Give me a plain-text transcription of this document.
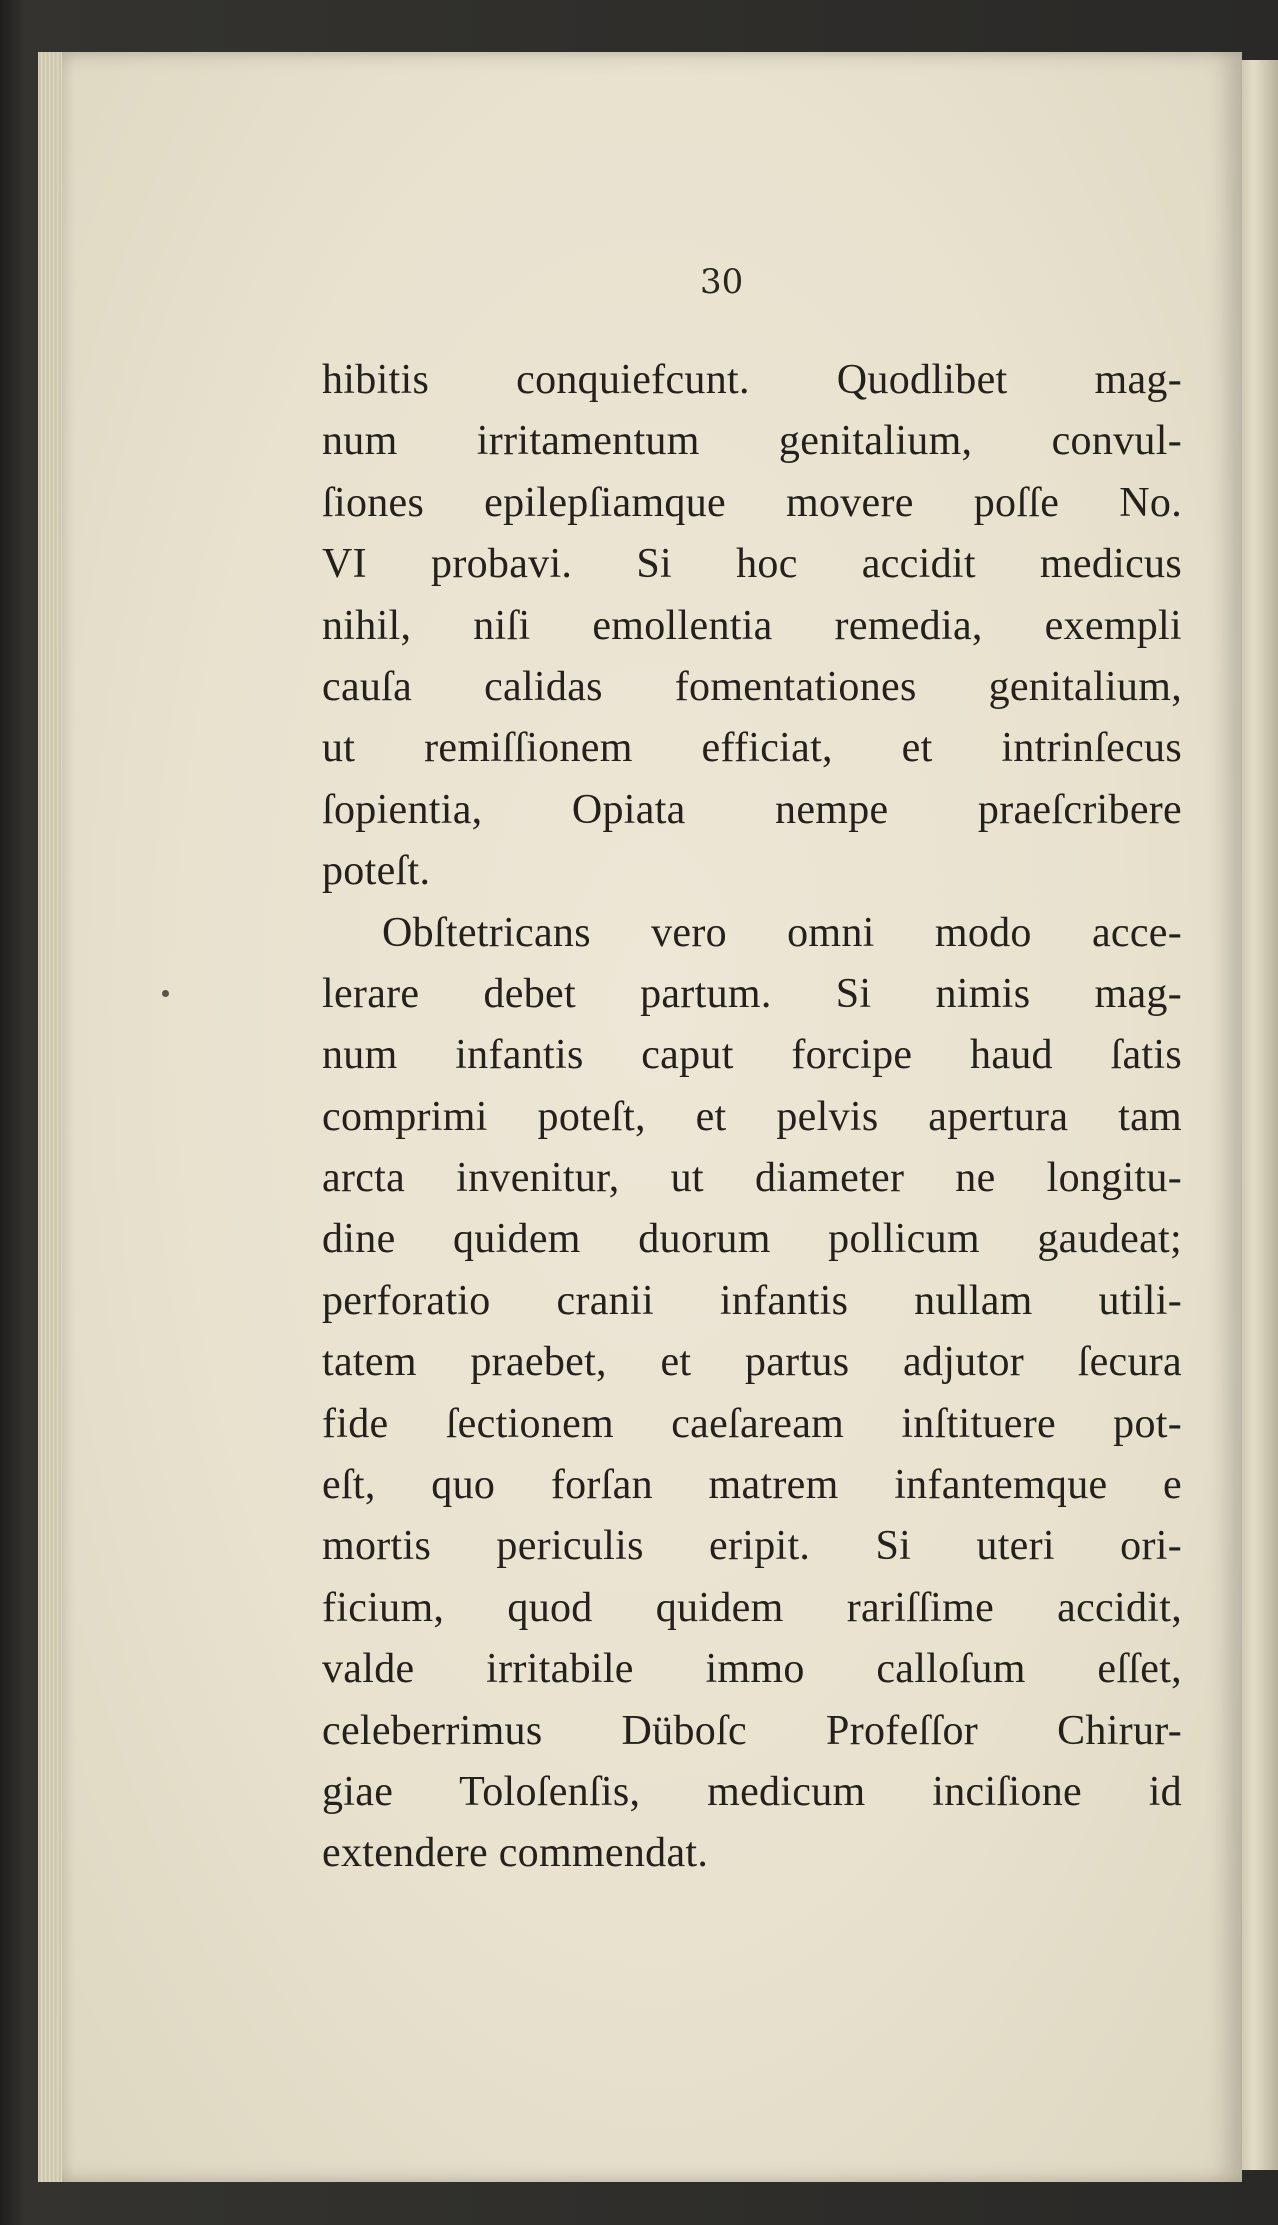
30
hibitis conquiefcunt. Quodlibet mag-
num irritamentum genitalium, convul-
ſiones epilepſiamque movere poſſe No.
VI probavi. Si hoc accidit medicus
nihil, niſi emollentia remedia, exempli
cauſa calidas fomentationes genitalium,
ut remiſſionem efficiat, et intrinſecus
ſopientia, Opiata nempe praeſcribere
poteſt.
Obſtetricans vero omni modo acce-
lerare debet partum. Si nimis mag-
num infantis caput forcipe haud ſatis
comprimi poteſt, et pelvis apertura tam
arcta invenitur, ut diameter ne longitu-
dine quidem duorum pollicum gaudeat;
perforatio cranii infantis nullam utili-
tatem praebet, et partus adjutor ſecura
fide ſectionem caeſaream inſtituere pot-
eſt, quo forſan matrem infantemque e
mortis periculis eripit. Si uteri ori-
ficium, quod quidem rariſſime accidit,
valde irritabile immo calloſum eſſet,
celeberrimus Düboſc Profeſſor Chirur-
giae Toloſenſis, medicum inciſione id
extendere commendat.
